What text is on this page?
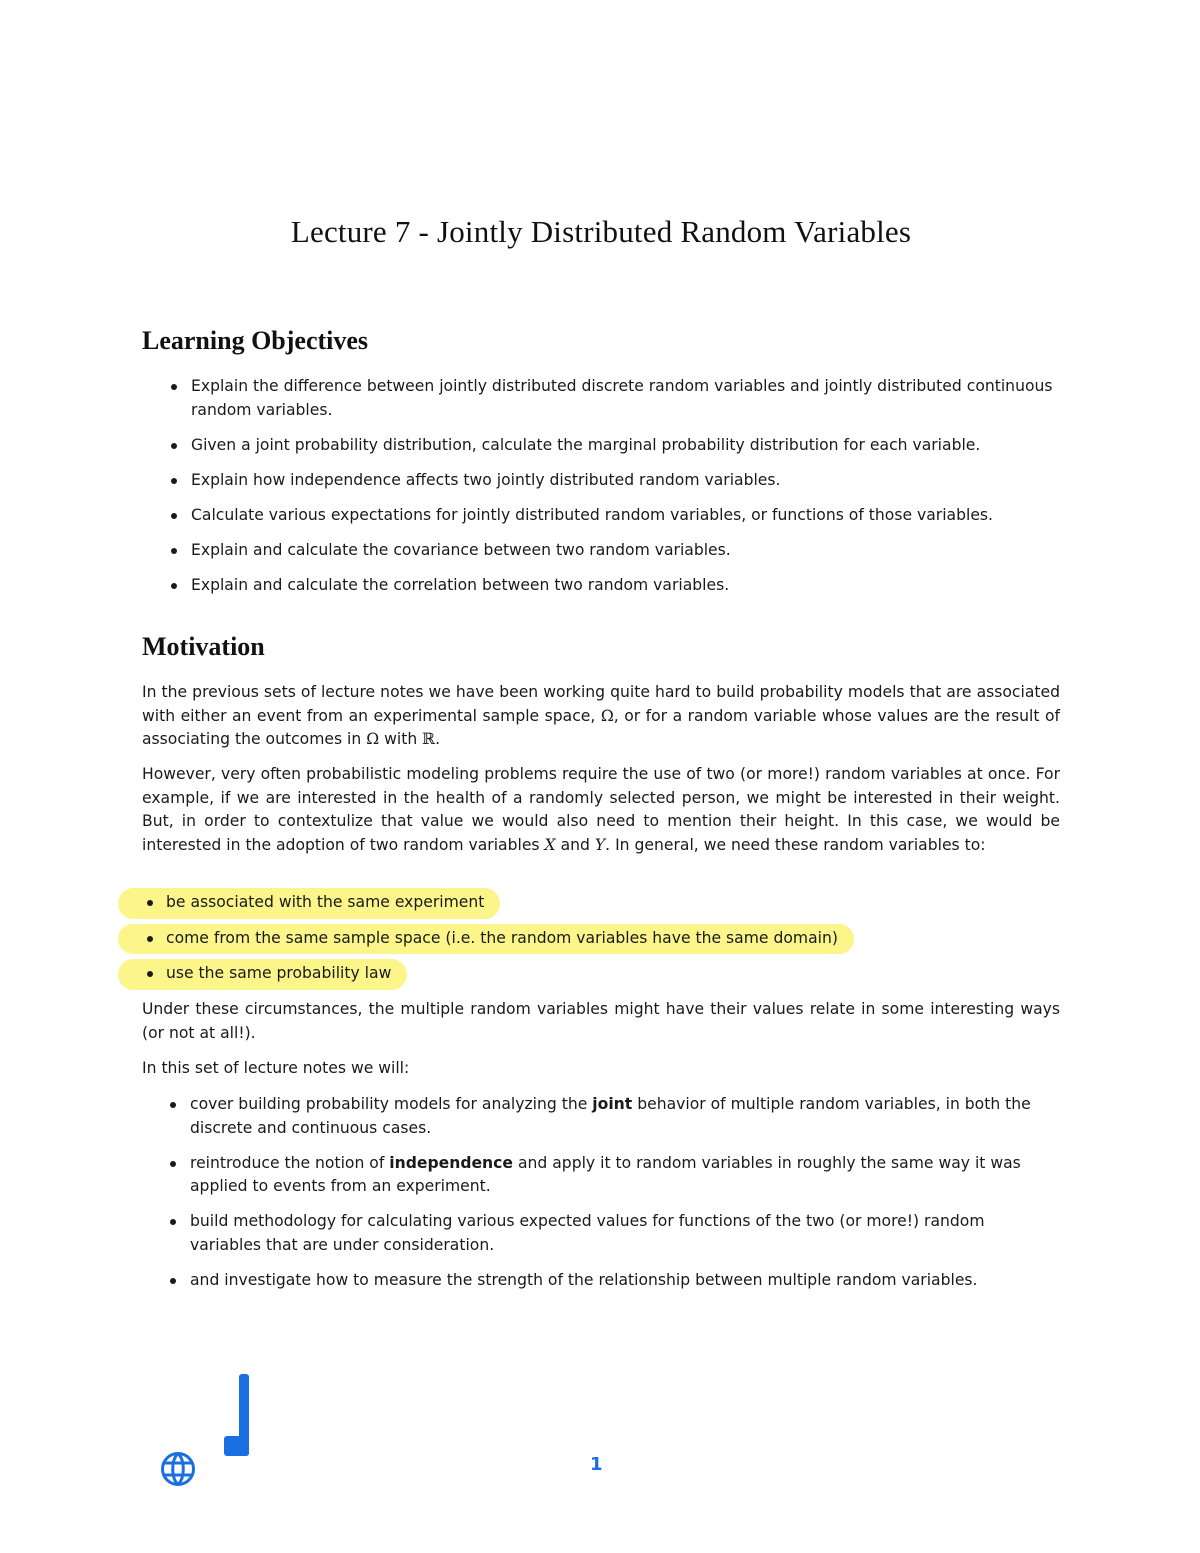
Lecture 7 - Jointly Distributed Random Variables
Learning Objectives
Explain the difference between jointly distributed discrete random variables and jointly distributed continuous random variables.
Given a joint probability distribution, calculate the marginal probability distribution for each variable.
Explain how independence affects two jointly distributed random variables.
Calculate various expectations for jointly distributed random variables, or functions of those variables.
Explain and calculate the covariance between two random variables.
Explain and calculate the correlation between two random variables.
Motivation

In the previous sets of lecture notes we have been working quite hard to build probability models that are associated with either an event from an experimental sample space, Ω, or for a random variable whose values are the result of associating the outcomes in Ω with ℝ.

However, very often probabilistic modeling problems require the use of two (or more!) random variables at once. For example, if we are interested in the health of a randomly selected person, we might be interested in their weight. But, in order to contextulize that value we would also need to mention their height. In this case, we would be interested in the adoption of two random variables X and Y. In general, we need these random variables to:

be associated with the same experiment
come from the same sample space (i.e. the random variables have the same domain)
use the same probability law

Under these circumstances, the multiple random variables might have their values relate in some interesting ways (or not at all!).

In this set of lecture notes we will:

cover building probability models for analyzing the joint behavior of multiple random variables, in both the discrete and continuous cases.
reintroduce the notion of independence and apply it to random variables in roughly the same way it was applied to events from an experiment.
build methodology for calculating various expected values for functions of the two (or more!) random variables that are under consideration.
and investigate how to measure the strength of the relationship between multiple random variables.
1
